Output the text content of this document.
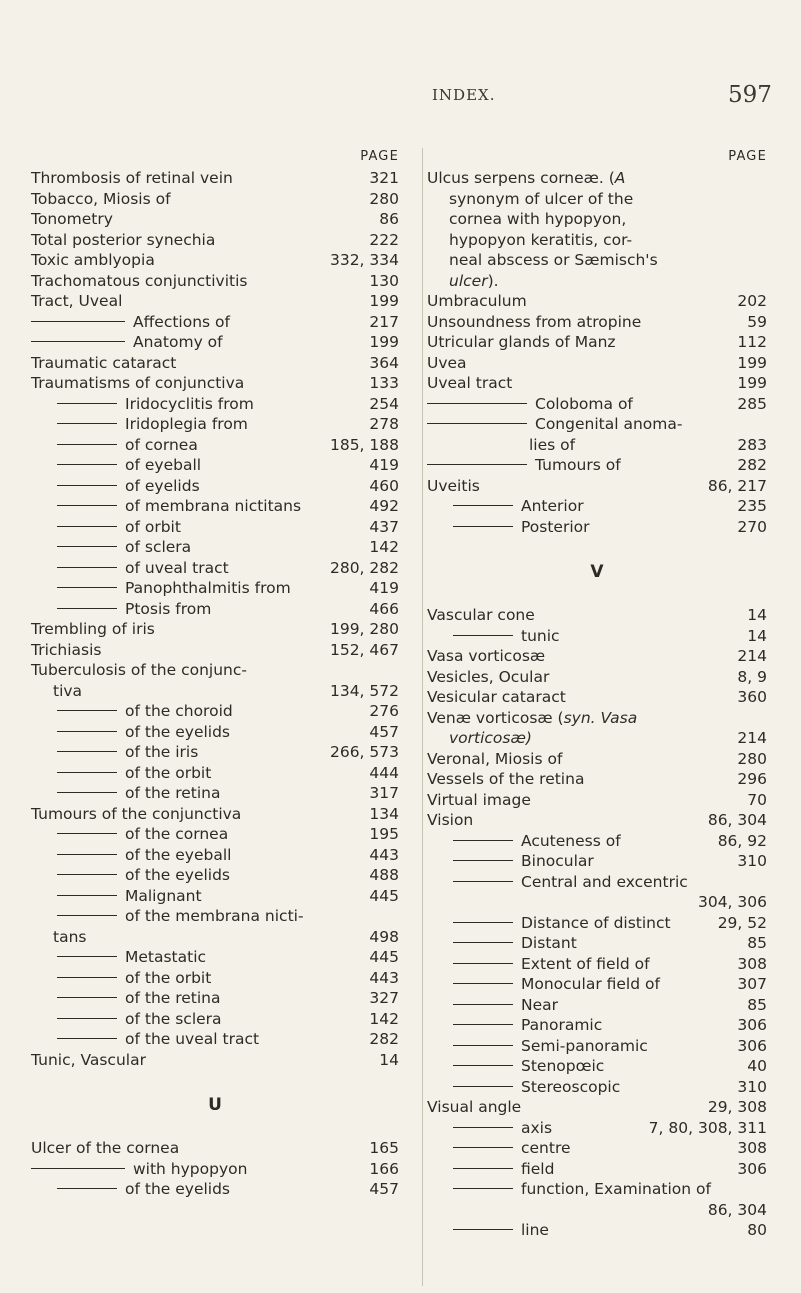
INDEX.	597
PAGE
Thrombosis of retinal vein	321
Tobacco, Miosis of	280
Tonometry	86
Total posterior synechia	222
Toxic amblyopia	332, 334
Trachomatous conjunctivitis	130
Tract, Uveal	199
Affections of	217
Anatomy of	199
Traumatic cataract	364
Traumatisms of conjunctiva	133
Iridocyclitis from	254
Iridoplegia from	278
of cornea	185, 188
of eyeball	419
of eyelids	460
of membrana nictitans	492
of orbit	437
of sclera	142
of uveal tract	280, 282
Panophthalmitis from	419
Ptosis from	466
Trembling of iris	199, 280
Trichiasis	152, 467
Tuberculosis of the conjunc-
tiva	134, 572
of the choroid	276
of the eyelids	457
of the iris	266, 573
of the orbit	444
of the retina	317
Tumours of the conjunctiva	134
of the cornea	195
of the eyeball	443
of the eyelids	488
Malignant	445
of the membrana nicti-
tans	498
Metastatic	445
of the orbit	443
of the retina	327
of the sclera	142
of the uveal tract	282
Tunic, Vascular	14
U
Ulcer of the cornea	165
with hypopyon	166
of the eyelids	457
PAGE
Ulcus serpens corneæ. (A
synonym of ulcer of the
cornea with hypopyon,
hypopyon keratitis, cor-
neal abscess or Sæmisch's
ulcer).
Umbraculum	202
Unsoundness from atropine	59
Utricular glands of Manz	112
Uvea	199
Uveal tract	199
Coloboma of	285
Congenital anoma-
lies of	283
Tumours of	282
Uveitis	86, 217
Anterior	235
Posterior	270
V
Vascular cone	14
tunic	14
Vasa vorticosæ	214
Vesicles, Ocular	8, 9
Vesicular cataract	360
Venæ vorticosæ (syn. Vasa
vorticosæ)	214
Veronal, Miosis of	280
Vessels of the retina	296
Virtual image	70
Vision	86, 304
Acuteness of	86, 92
Binocular	310
Central and excentric
304, 306
Distance of distinct	29, 52
Distant	85
Extent of field of	308
Monocular field of	307
Near	85
Panoramic	306
Semi-panoramic	306
Stenopœic	40
Stereoscopic	310
Visual angle	29, 308
axis	7, 80, 308, 311
centre	308
field	306
function, Examination of
86, 304
line	80
